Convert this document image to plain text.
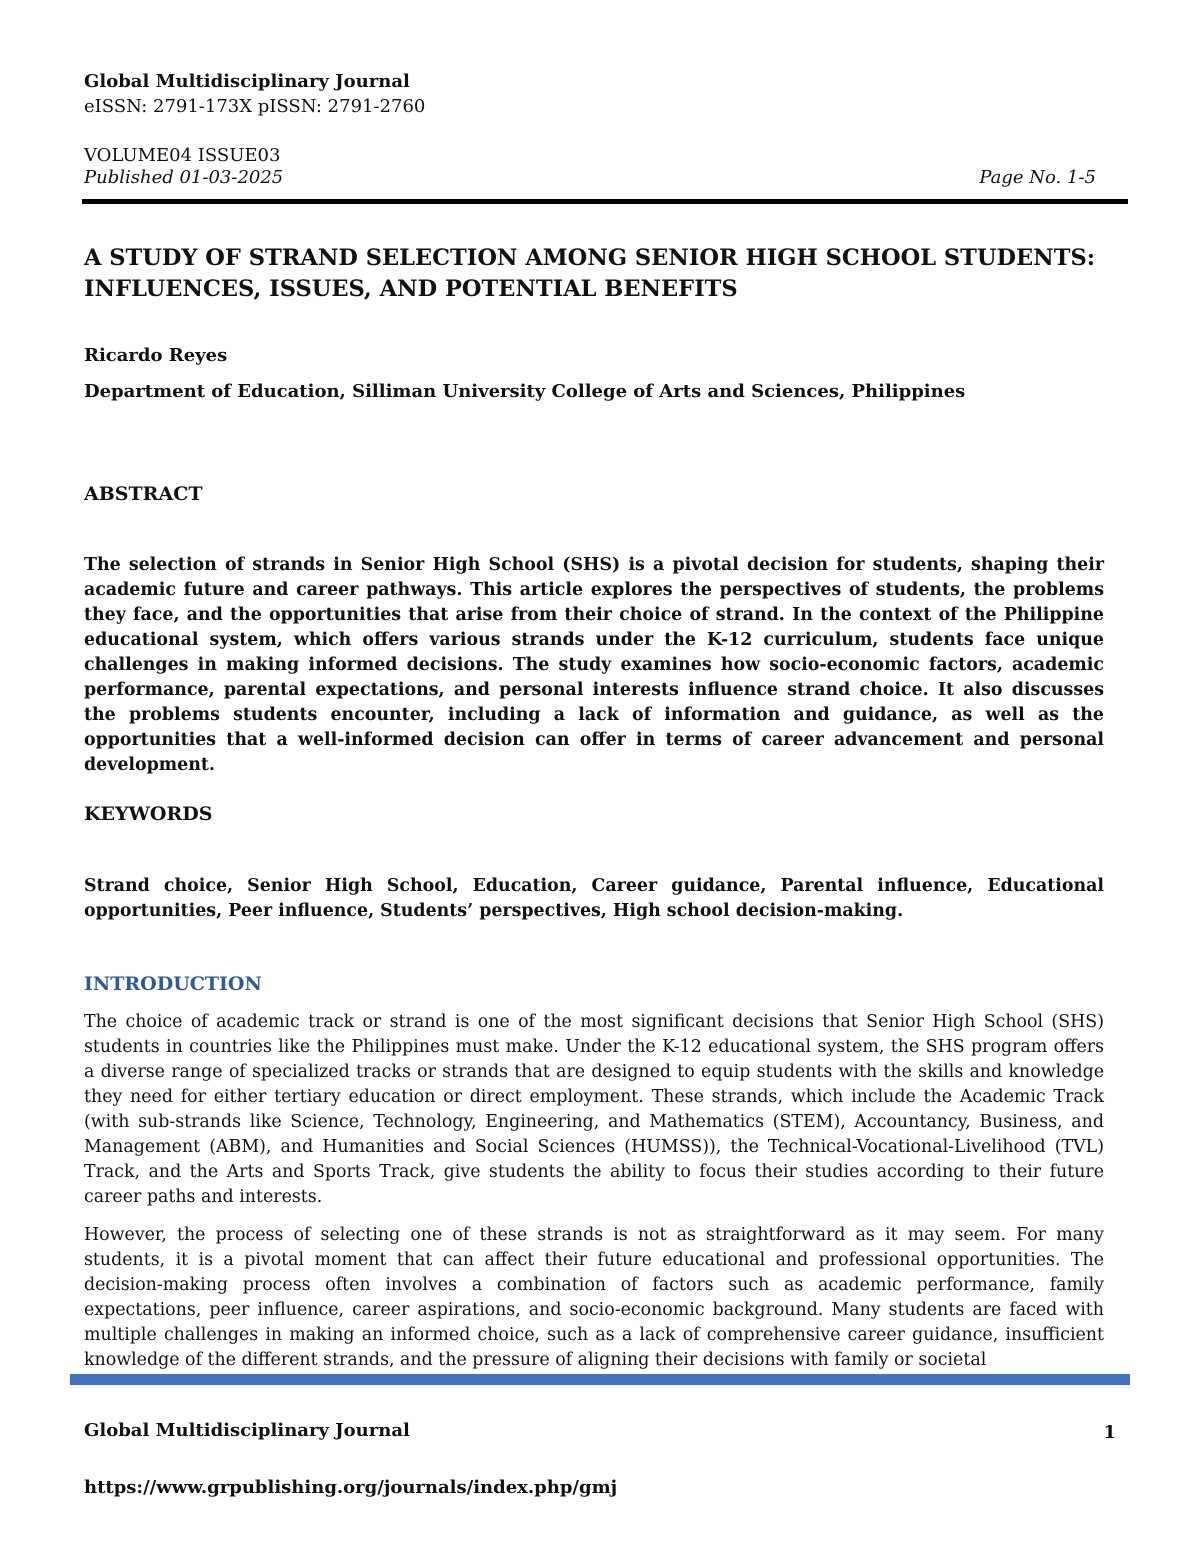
Global Multidisciplinary Journal
eISSN: 2791-173X pISSN: 2791-2760
VOLUME04 ISSUE03
Published 01-03-2025	Page No. 1-5
A STUDY OF STRAND SELECTION AMONG SENIOR HIGH SCHOOL STUDENTS:
INFLUENCES, ISSUES, AND POTENTIAL BENEFITS
Ricardo Reyes
Department of Education, Silliman University College of Arts and Sciences, Philippines
ABSTRACT
The selection of strands in Senior High School (SHS) is a pivotal decision for students, shaping their academic future and career pathways. This article explores the perspectives of students, the problems they face, and the opportunities that arise from their choice of strand. In the context of the Philippine educational system, which offers various strands under the K-12 curriculum, students face unique challenges in making informed decisions. The study examines how socio-economic factors, academic performance, parental expectations, and personal interests influence strand choice. It also discusses the problems students encounter, including a lack of information and guidance, as well as the opportunities that a well-informed decision can offer in terms of career advancement and personal development.
KEYWORDS
Strand choice, Senior High School, Education, Career guidance, Parental influence, Educational opportunities, Peer influence, Students’ perspectives, High school decision-making.
INTRODUCTION
The choice of academic track or strand is one of the most significant decisions that Senior High School (SHS) students in countries like the Philippines must make. Under the K-12 educational system, the SHS program offers a diverse range of specialized tracks or strands that are designed to equip students with the skills and knowledge they need for either tertiary education or direct employment. These strands, which include the Academic Track (with sub-strands like Science, Technology, Engineering, and Mathematics (STEM), Accountancy, Business, and Management (ABM), and Humanities and Social Sciences (HUMSS)), the Technical-Vocational-Livelihood (TVL) Track, and the Arts and Sports Track, give students the ability to focus their studies according to their future career paths and interests.
However, the process of selecting one of these strands is not as straightforward as it may seem. For many students, it is a pivotal moment that can affect their future educational and professional opportunities. The decision-making process often involves a combination of factors such as academic performance, family expectations, peer influence, career aspirations, and socio-economic background. Many students are faced with multiple challenges in making an informed choice, such as a lack of comprehensive career guidance, insufficient knowledge of the different strands, and the pressure of aligning their decisions with family or societal
Global Multidisciplinary Journal	1
https://www.grpublishing.org/journals/index.php/gmj
